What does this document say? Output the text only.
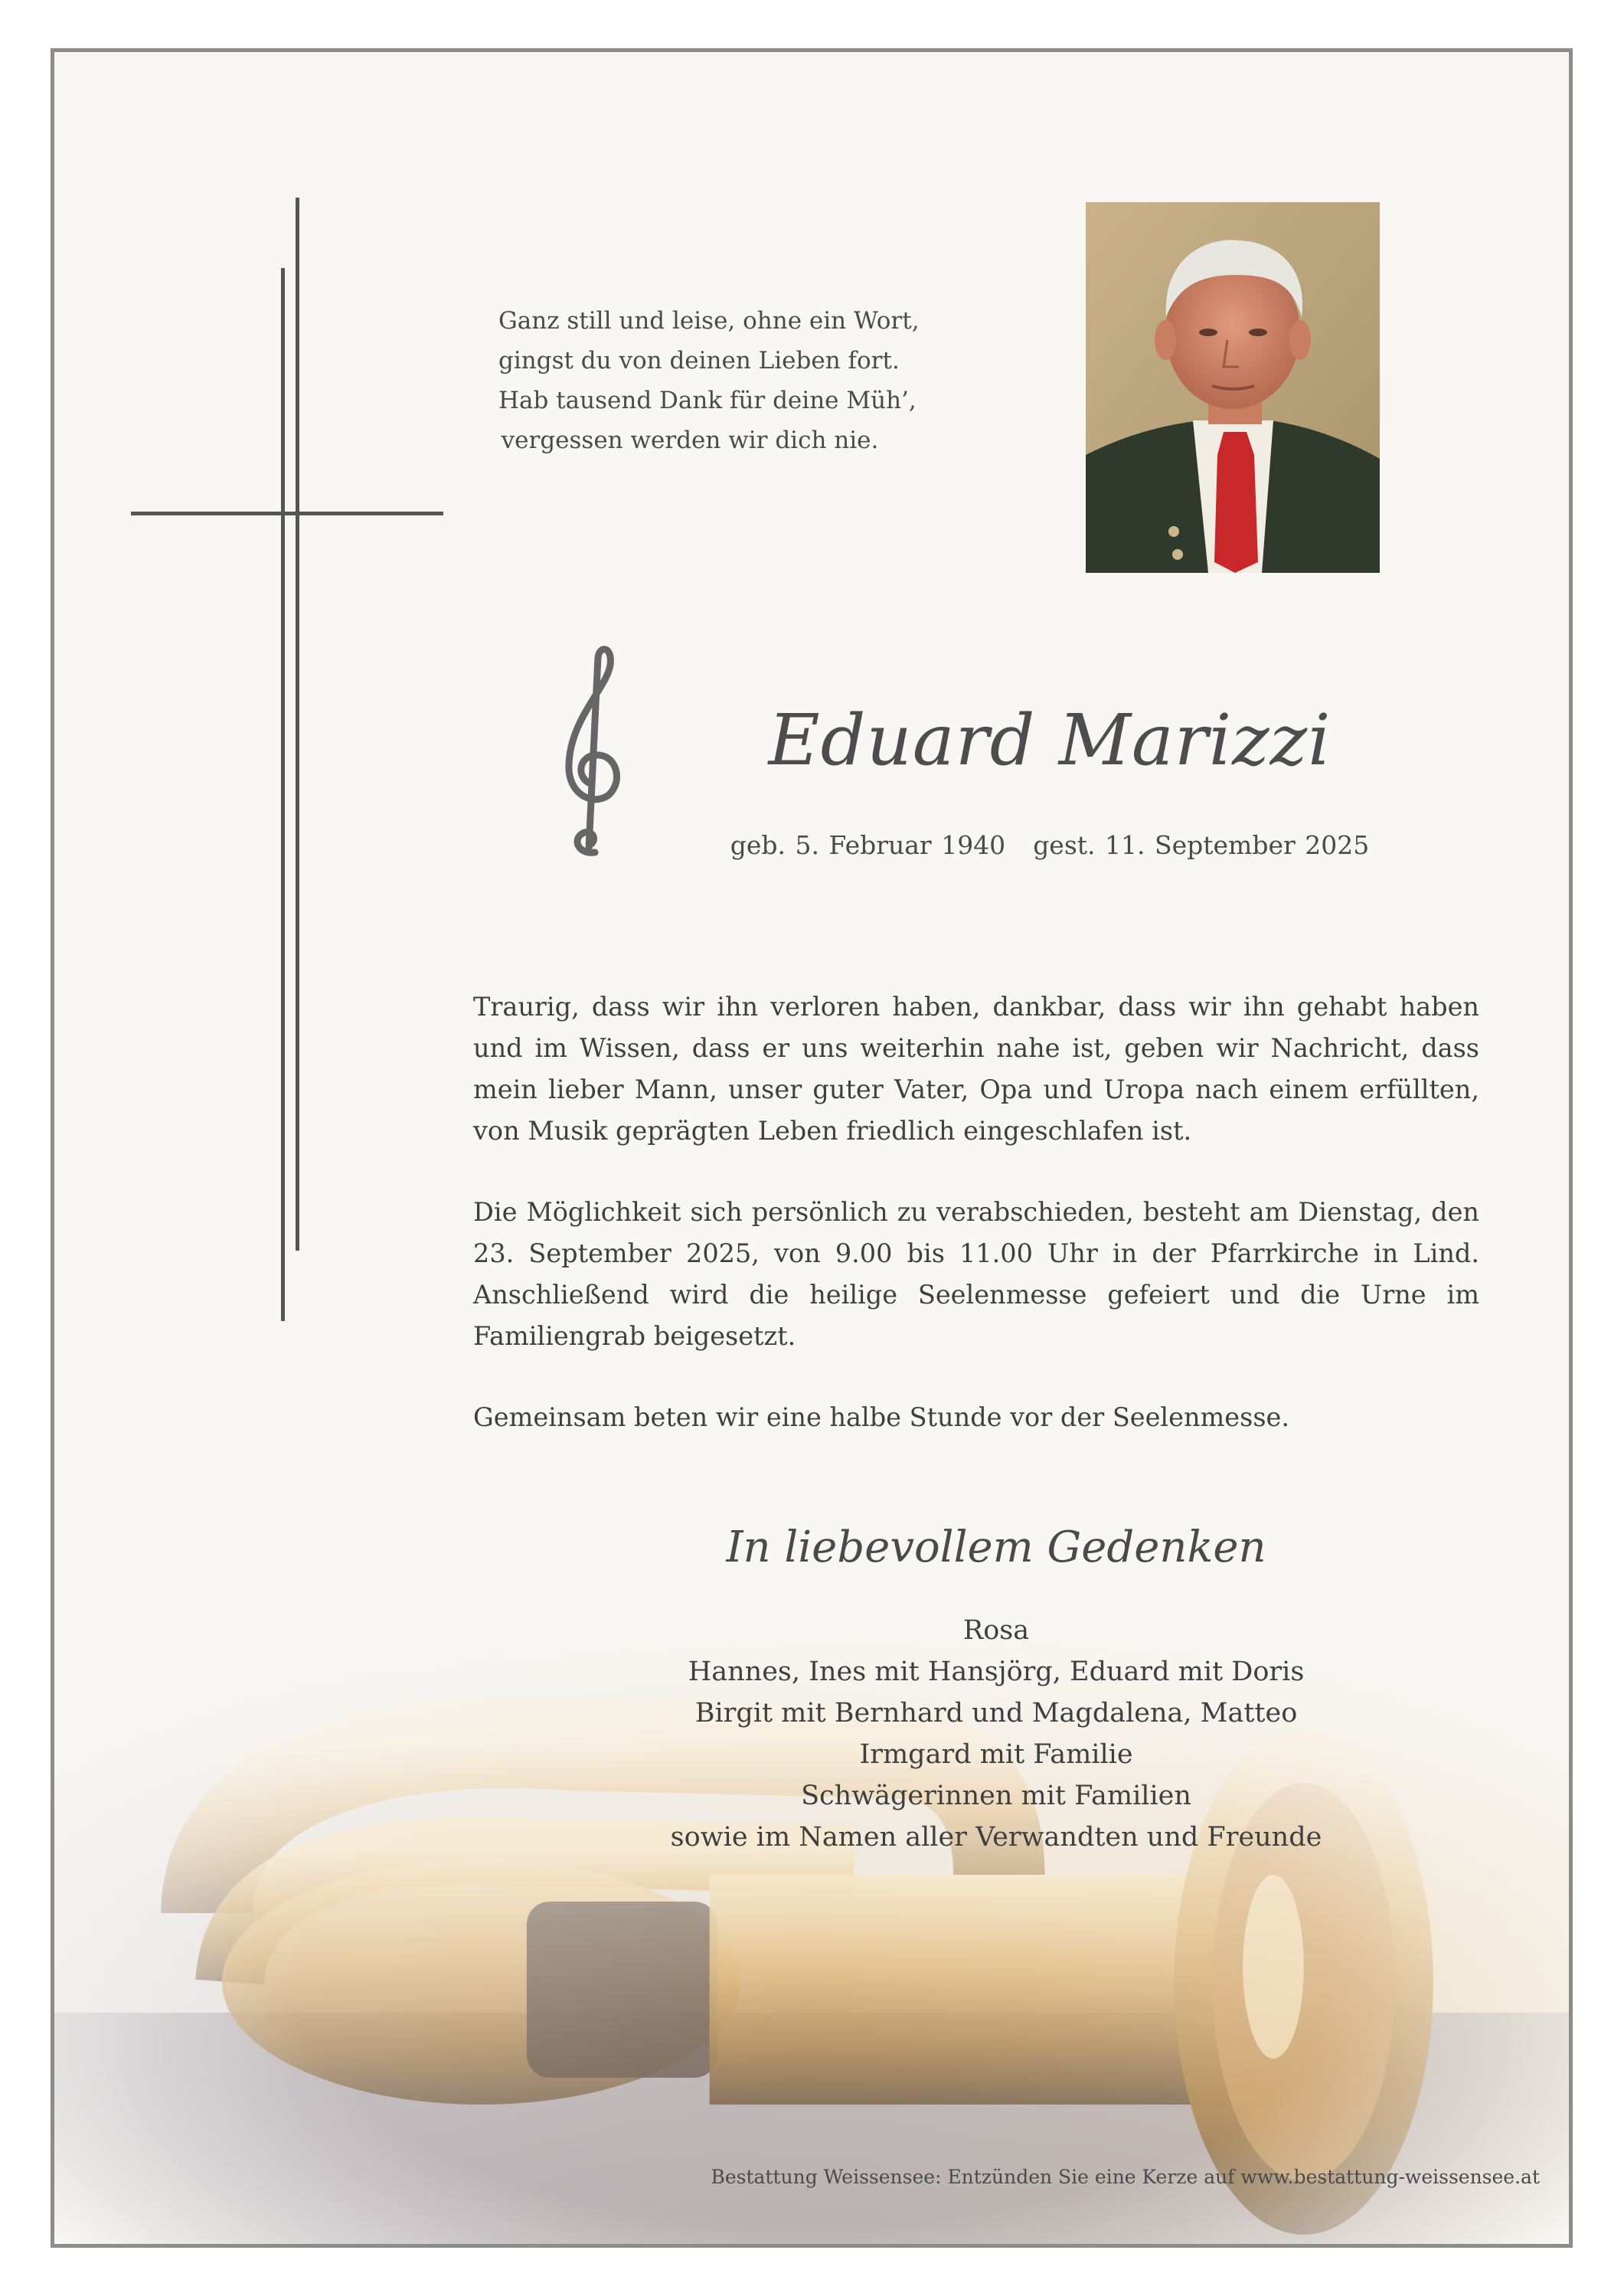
Ganz still und leise, ohne ein Wort,
gingst du von deinen Lieben fort.
Hab tausend Dank für deine Müh’,
vergessen werden wir dich nie.
Eduard Marizzi
geb. 5. Februar 1940 gest. 11. September 2025

Traurig, dass wir ihn verloren haben, dankbar, dass wir ihn gehabt haben und im Wissen, dass er uns weiterhin nahe ist, geben wir Nachricht, dass mein lieber Mann, unser guter Vater, Opa und Uropa nach einem erfüllten, von Musik geprägten Leben friedlich eingeschlafen ist.

Die Möglichkeit sich persönlich zu verabschieden, besteht am Dienstag, den 23. September 2025, von 9.00 bis 11.00 Uhr in der Pfarrkirche in Lind. Anschließend wird die heilige Seelenmesse gefeiert und die Urne im Familiengrab beigesetzt.

Gemeinsam beten wir eine halbe Stunde vor der Seelenmesse.

In liebevollem Gedenken
Rosa
Hannes, Ines mit Hansjörg, Eduard mit Doris
Birgit mit Bernhard und Magdalena, Matteo
Irmgard mit Familie
Schwägerinnen mit Familien
sowie im Namen aller Verwandten und Freunde
Bestattung Weissensee: Entzünden Sie eine Kerze auf www.bestattung-weissensee.at
